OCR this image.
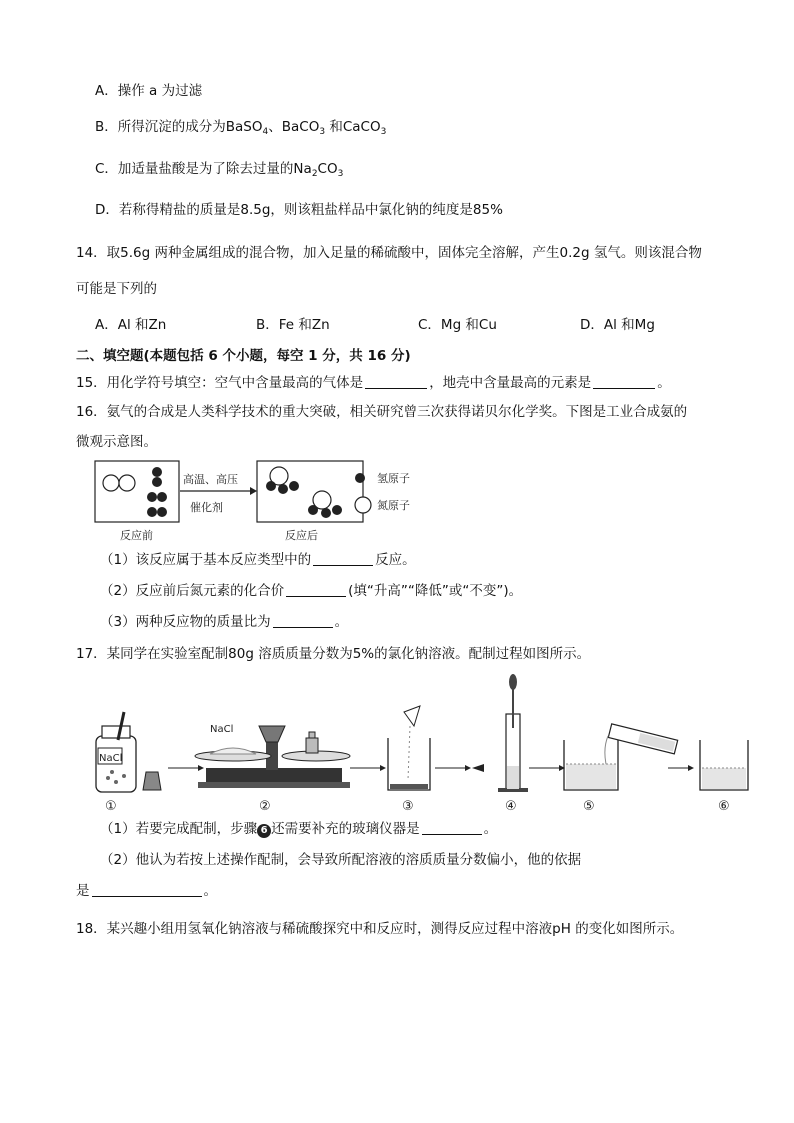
A．操作 a 为过滤
B．所得沉淀的成分为BaSO$_4$、BaCO$_3$ 和CaCO$_3$
C．加适量盐酸是为了除去过量的$Na_2CO_3$
D．若称得精盐的质量是8.5g，则该粗盐样品中氯化钠的纯度是85%
14．取5.6g 两种金属组成的混合物，加入足量的稀硫酸中，固体完全溶解，产生0.2g 氢气。则该混合物
可能是下列的
A．Al 和Zn	B．Fe 和Zn	C．Mg 和Cu	D．Al 和Mg
二、填空题(本题包括 6 个小题，每空 1 分，共 16 分)
15．用化学符号填空：空气中含量最高的气体是	，地壳中含量最高的元素是	。
16．氨气的合成是人类科学技术的重大突破，相关研究曾三次获得诺贝尔化学奖。下图是工业合成氨的
微观示意图。
反应前
高温、高压
催化剂
反应后
氢原子
氮原子
（1）该反应属于基本反应类型中的	反应。
（2）反应前后氮元素的化合价	(填“升高”“降低”或“不变”)。
（3）两种反应物的质量比为	。
17．某同学在实验室配制80g 溶质质量分数为5%的氯化钠溶液。配制过程如图所示。
NaCl
①
NaCl
②	③	④	⑤	⑥
（1）若要完成配制，步骤 6 还需要补充的玻璃仪器是	。
（2）他认为若按上述操作配制，会导致所配溶液的溶质质量分数偏小，他的依据
是	。
18．某兴趣小组用氢氧化钠溶液与稀硫酸探究中和反应时，测得反应过程中溶液pH 的变化如图所示。
